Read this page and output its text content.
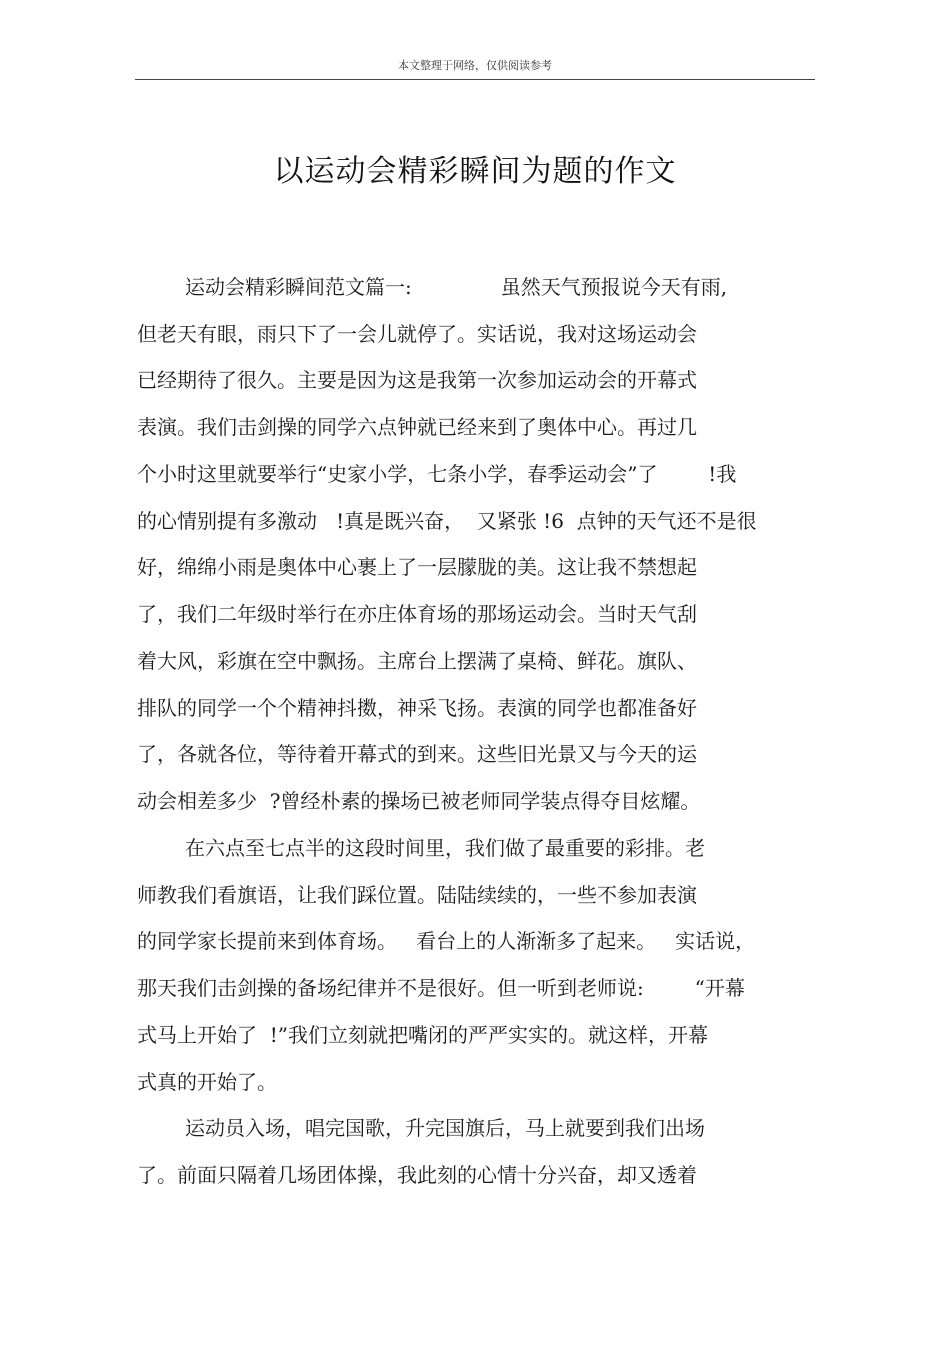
本文整理于网络，仅供阅读参考
以运动会精彩瞬间为题的作文
运动会精彩瞬间范文篇一:              虽然天气预报说今天有雨,
但老天有眼，雨只下了一会儿就停了。实话说，我对这场运动会
已经期待了很久。主要是因为这是我第一次参加运动会的开幕式
表演。我们击剑操的同学六点钟就已经来到了奥体中心。再过几
个小时这里就要举行“史家小学，七条小学，春季运动会”了        !我
的心情别提有多激动   !真是既兴奋，  又紧张 !6  点钟的天气还不是很
好，绵绵小雨是奥体中心裹上了一层朦胧的美。这让我不禁想起
了，我们二年级时举行在亦庄体育场的那场运动会。当时天气刮
着大风，彩旗在空中飘扬。主席台上摆满了桌椅、鲜花。旗队、
排队的同学一个个精神抖擞，神采飞扬。表演的同学也都准备好
了，各就各位，等待着开幕式的到来。这些旧光景又与今天的运
动会相差多少  ?曾经朴素的操场已被老师同学装点得夺目炫耀。
在六点至七点半的这段时间里，我们做了最重要的彩排。老
师教我们看旗语，让我们踩位置。陆陆续续的，一些不参加表演
的同学家长提前来到体育场。   看台上的人渐渐多了起来。   实话说，
那天我们击剑操的备场纪律并不是很好。但一听到老师说:        “开幕
式马上开始了  !”我们立刻就把嘴闭的严严实实的。就这样，开幕
式真的开始了。
运动员入场，唱完国歌，升完国旗后，马上就要到我们出场
了。前面只隔着几场团体操，我此刻的心情十分兴奋，却又透着
